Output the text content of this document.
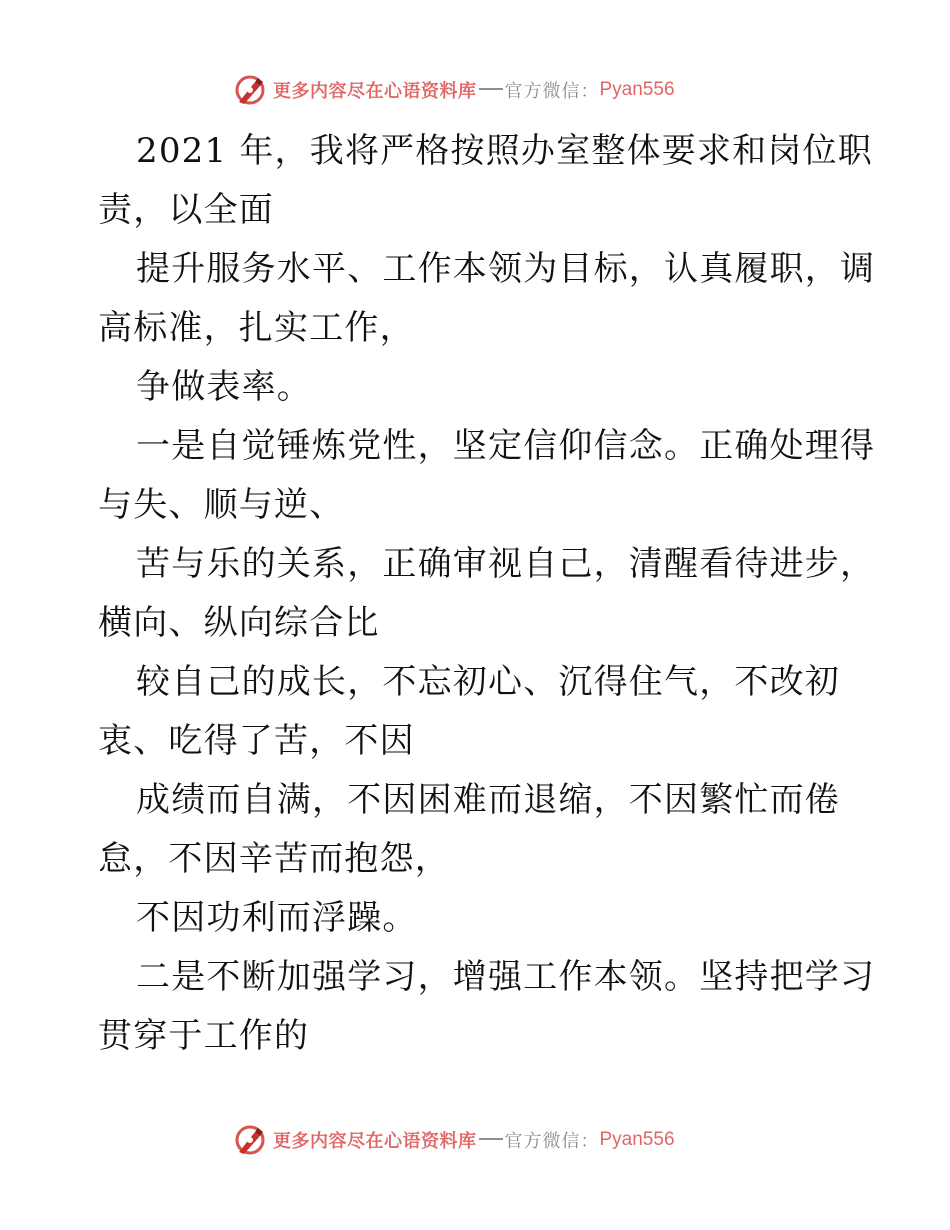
更多内容尽在心语资料库 官方微信： Pyan556
2021 年，我将严格按照办室整体要求和岗位职
责，以全面
提升服务水平、工作本领为目标，认真履职，调
高标准，扎实工作，
争做表率。
一是自觉锤炼党性，坚定信仰信念。正确处理得
与失、顺与逆、
苦与乐的关系，正确审视自己，清醒看待进步，
横向、纵向综合比
较自己的成长，不忘初心、沉得住气，不改初
衷、吃得了苦，不因
成绩而自满，不因困难而退缩，不因繁忙而倦
怠，不因辛苦而抱怨，
不因功利而浮躁。
二是不断加强学习，增强工作本领。坚持把学习
贯穿于工作的
更多内容尽在心语资料库 官方微信： Pyan556
